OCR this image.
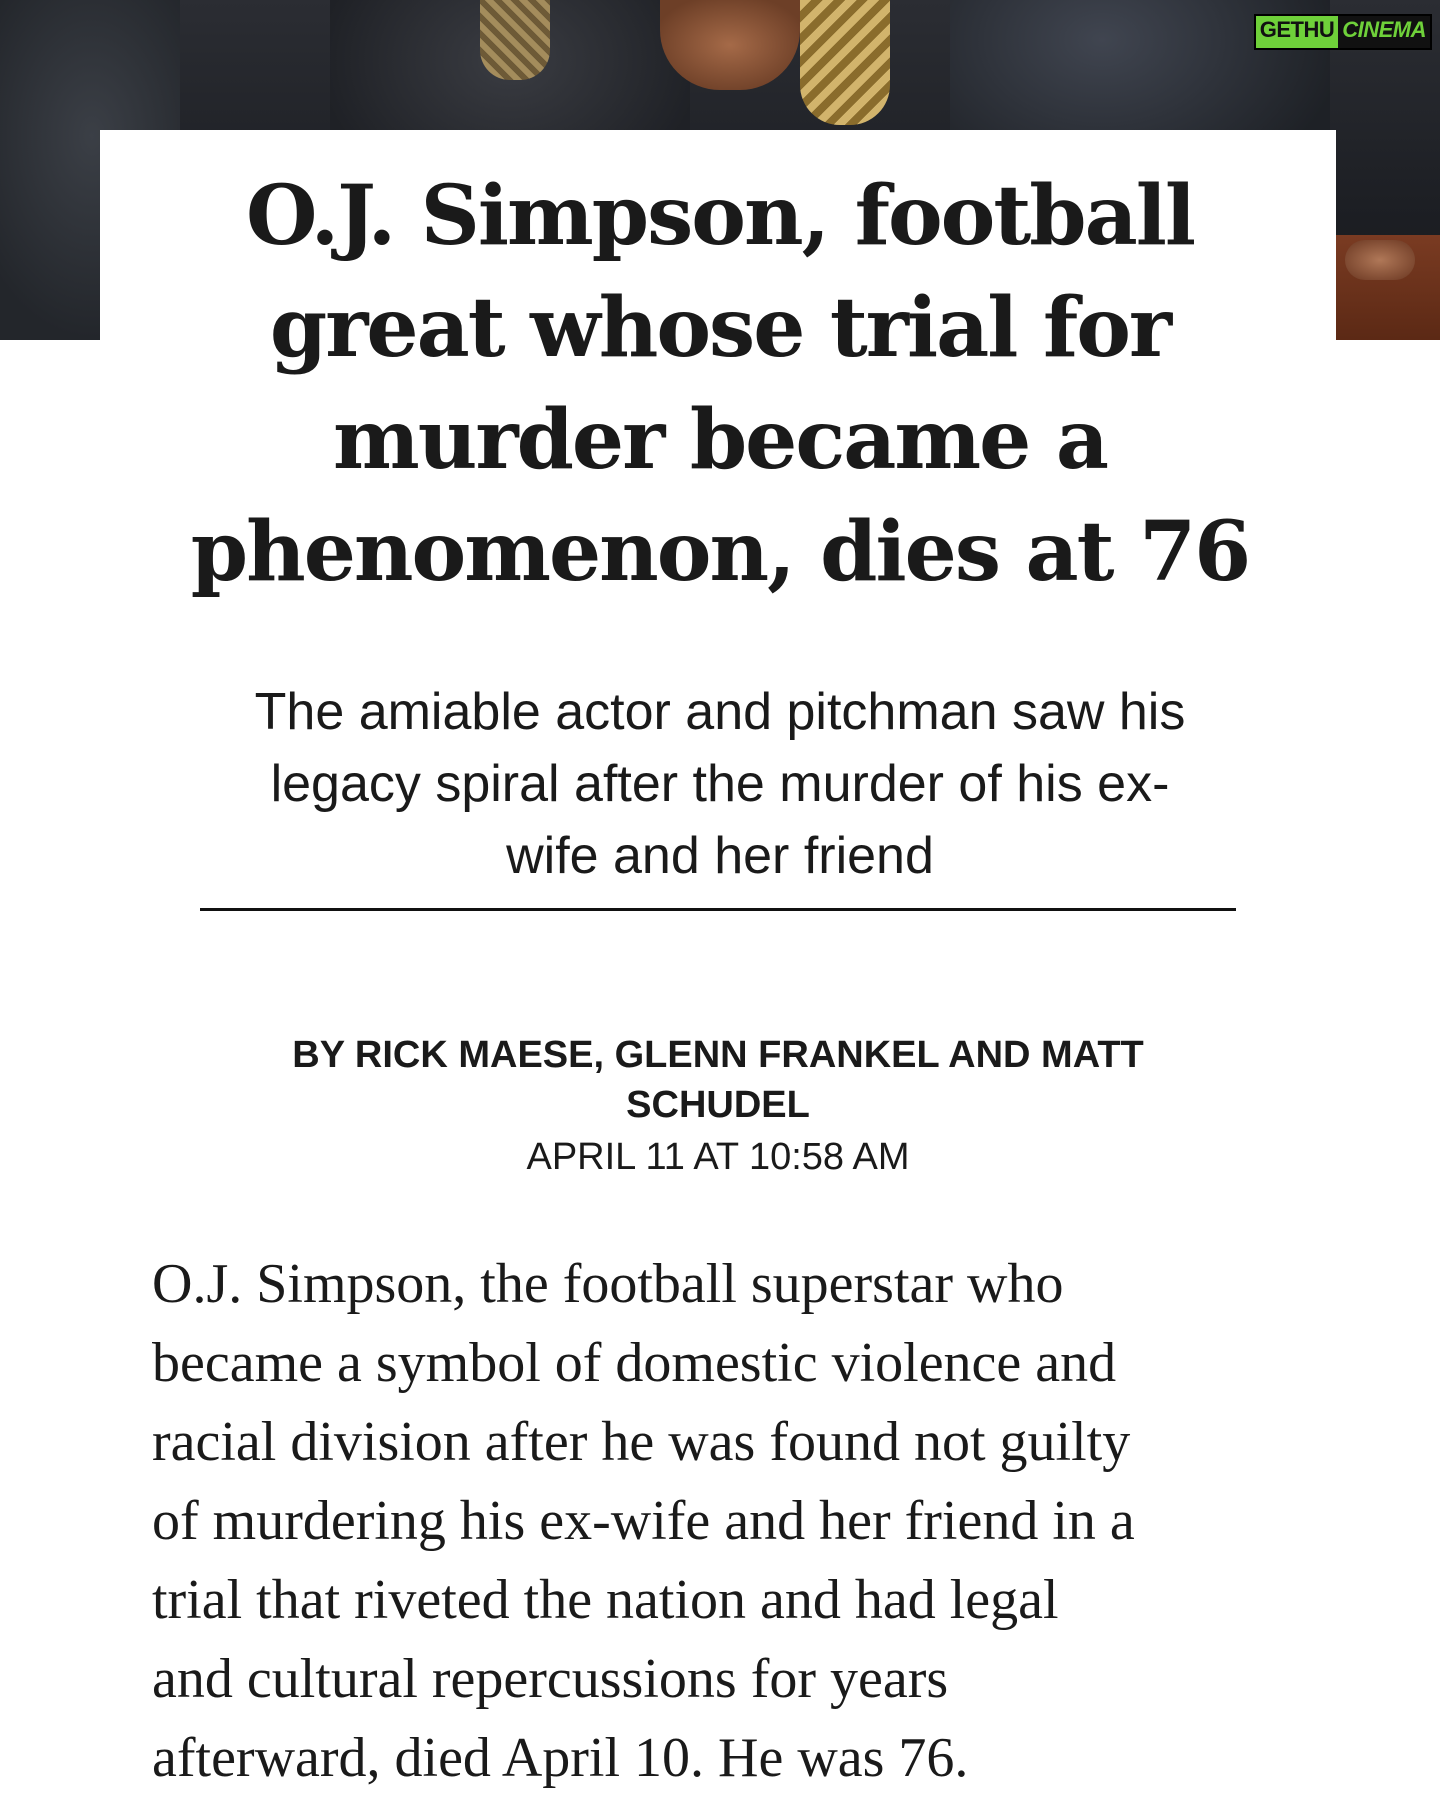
GETHU CINEMA
O.J. Simpson, football
great whose trial for
murder became a
phenomenon, dies at 76

The amiable actor and pitchman saw his
legacy spiral after the murder of his ex-
wife and her friend

BY RICK MAESE, GLENN FRANKEL AND MATT
SCHUDEL

APRIL 11 AT 10:58 AM

O.J. Simpson, the football superstar who
became a symbol of domestic violence and
racial division after he was found not guilty
of murdering his ex-wife and her friend in a
trial that riveted the nation and had legal
and cultural repercussions for years
afterward, died April 10. He was 76.
